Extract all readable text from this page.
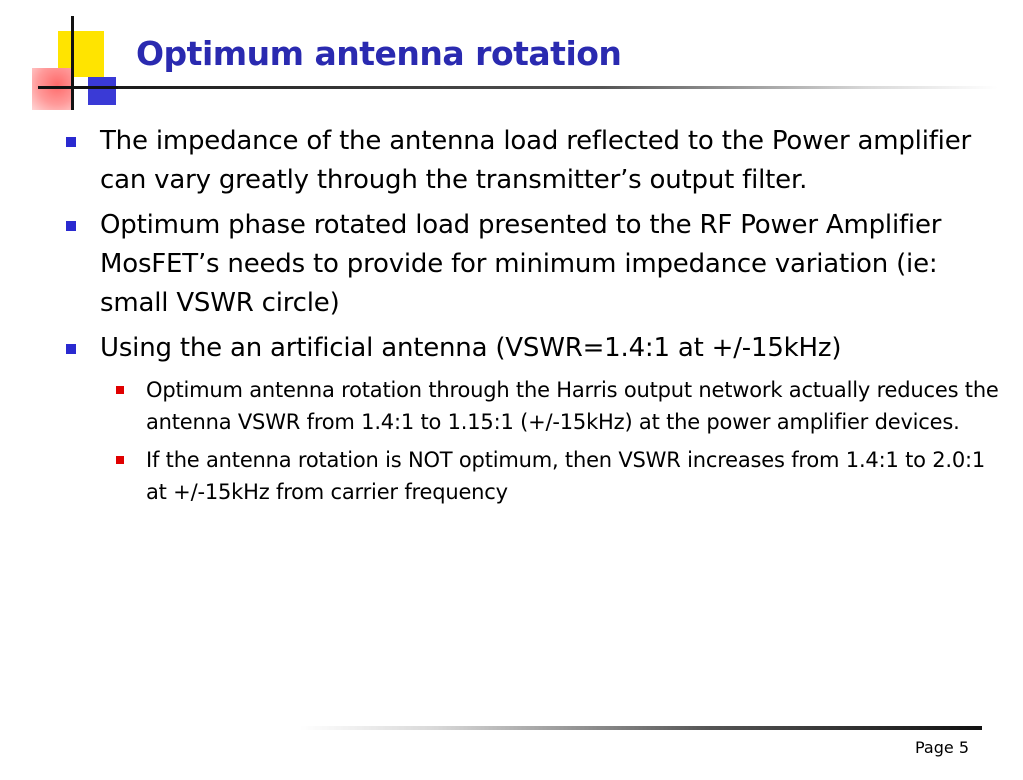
Optimum antenna rotation
The impedance of the antenna load reflected to the Power amplifier can vary greatly through the transmitter’s output filter.
Optimum phase rotated load presented to the RF Power Amplifier MosFET’s needs to provide for minimum impedance variation (ie: small VSWR circle)
Using the an artificial antenna (VSWR=1.4:1 at +/-15kHz)
Optimum antenna rotation through the Harris output network actually reduces the antenna VSWR from 1.4:1 to 1.15:1 (+/-15kHz) at the power amplifier devices.
If the antenna rotation is NOT optimum, then VSWR increases from 1.4:1 to 2.0:1 at +/-15kHz from carrier frequency
Page 5
